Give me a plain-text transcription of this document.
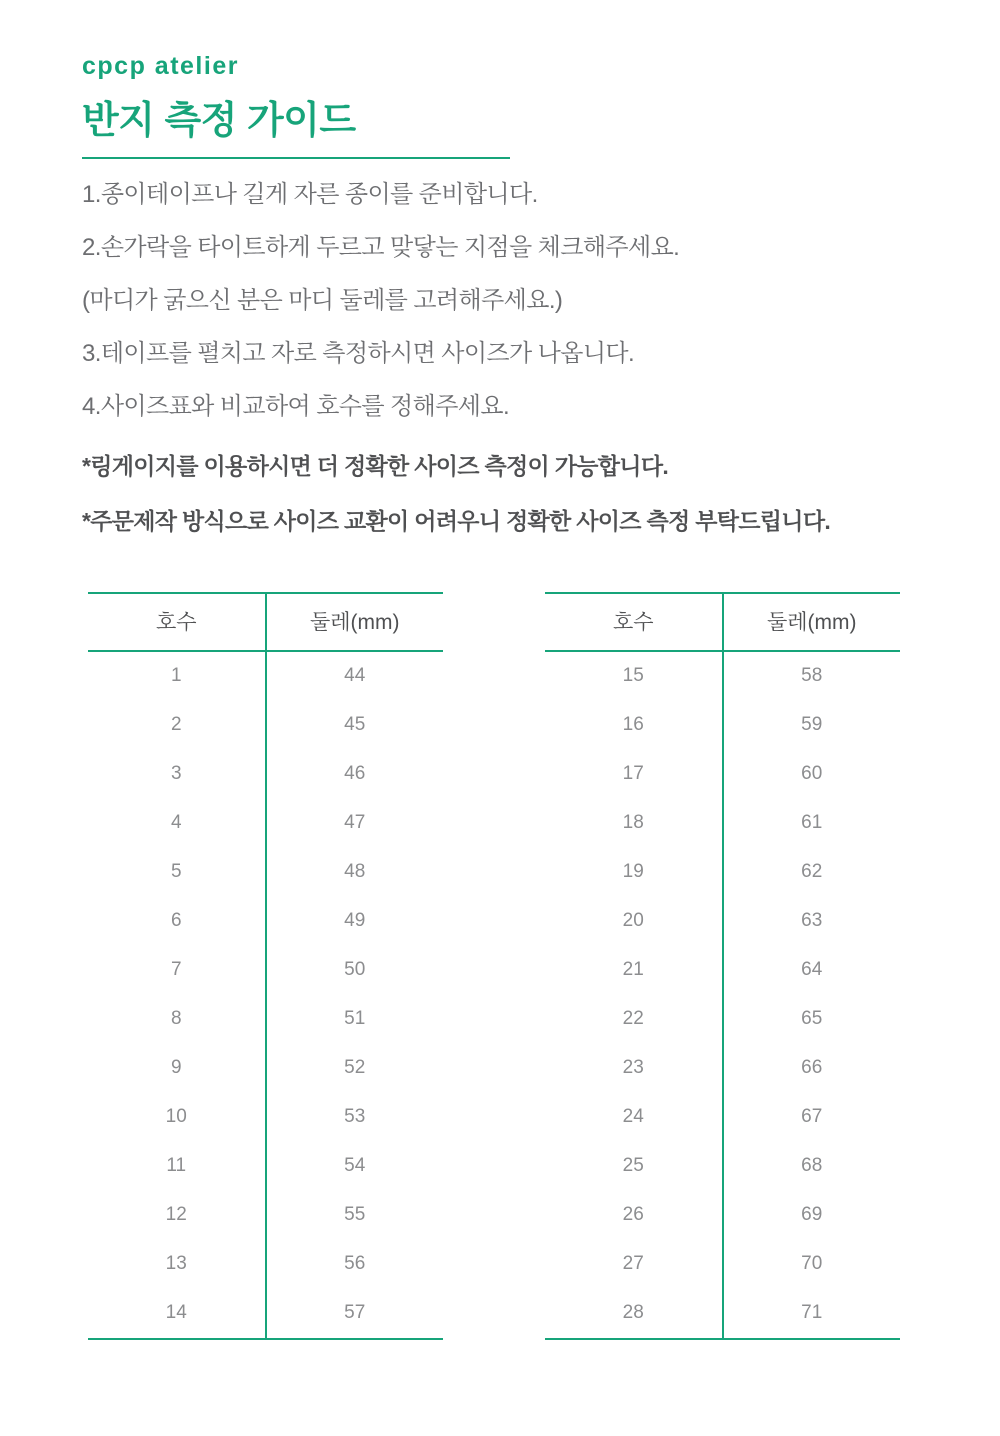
cpcp atelier
반지 측정 가이드
1.종이테이프나 길게 자른 종이를 준비합니다.
2.손가락을 타이트하게 두르고 맞닿는 지점을 체크해주세요.
(마디가 굵으신 분은 마디 둘레를 고려해주세요.)
3.테이프를 펼치고 자로 측정하시면 사이즈가 나옵니다.
4.사이즈표와 비교하여 호수를 정해주세요.
*링게이지를 이용하시면 더 정확한 사이즈 측정이 가능합니다.
*주문제작 방식으로 사이즈 교환이 어려우니 정확한 사이즈 측정 부탁드립니다.
호수	둘레(mm)
1	44
2	45
3	46
4	47
5	48
6	49
7	50
8	51
9	52
10	53
11	54
12	55
13	56
14	57
호수	둘레(mm)
15	58
16	59
17	60
18	61
19	62
20	63
21	64
22	65
23	66
24	67
25	68
26	69
27	70
28	71
